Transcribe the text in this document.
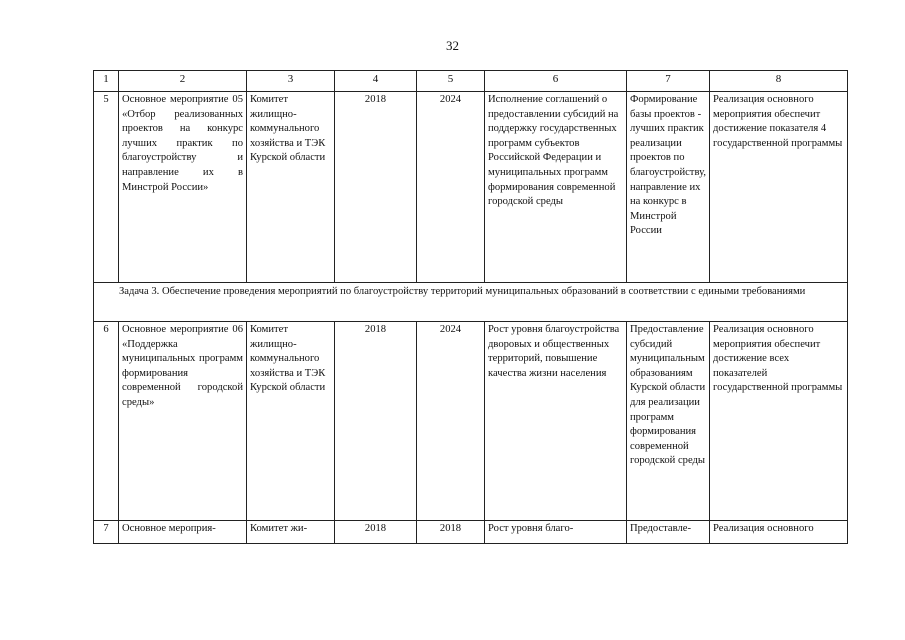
32
1	2	3	4	5	6	7	8
5	Основное мероприятие 05 «Отбор реализованных проектов на конкурс лучших практик по благоустройству и направление их в Минстрой России»	Комитет жилищно-коммунального хозяйства и ТЭК Курской области	2018	2024	Исполнение соглашений о предоставлении субсидий на поддержку государственных программ субъектов Российской Федерации и муниципальных программ формирования современной городской среды	Формирование базы проектов - лучших практик реализации проектов по благоустройству, направление их на конкурс в Минстрой России	Реализация основного мероприятия обеспечит достижение показателя 4 государственной программы

Задача 3. Обеспечение проведения мероприятий по благоустройству территорий муниципальных образований в соответствии с едиными требованиями							

6	Основное мероприятие 06 «Поддержка муниципальных программ формирования современной городской среды»	Комитет жилищно-коммунального хозяйства и ТЭК Курской области	2018	2024	Рост уровня благоустройства дворовых и общественных территорий, повышение качества жизни населения	Предоставление субсидий муниципальным образованиям Курской области для реализации программ формирования современной городской среды	Реализация основного мероприятия обеспечит достижение всех показателей государственной программы
7	Основное мероприя-	Комитет жи-	2018	2018	Рост уровня благо-	Предоставле-	Реализация основного
